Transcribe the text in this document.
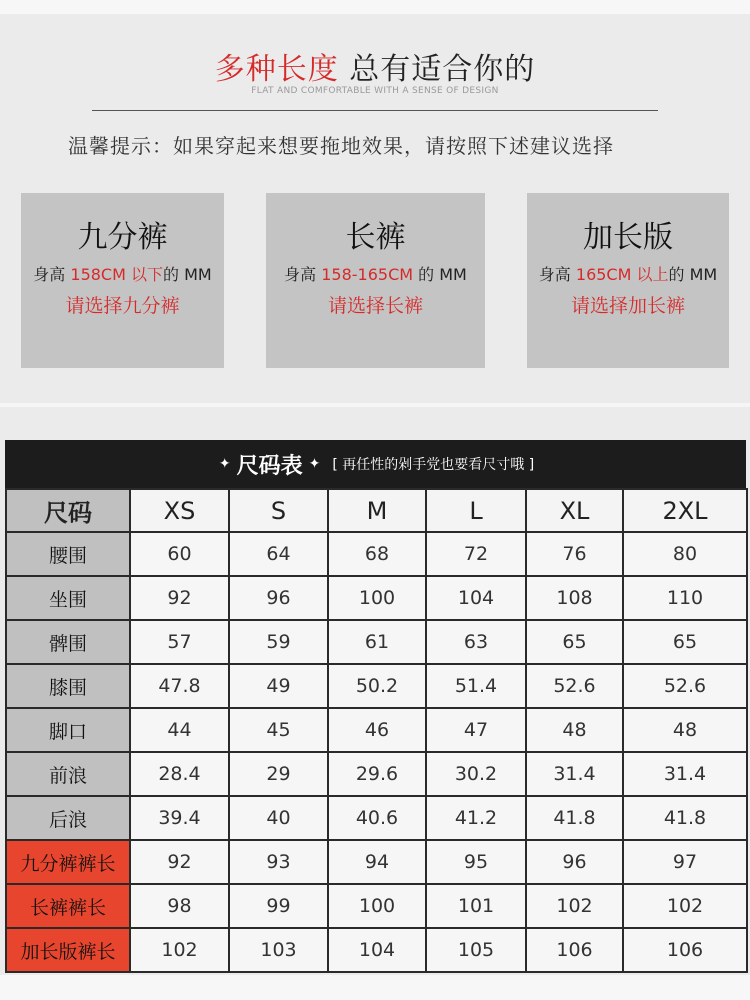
多种长度 总有适合你的
FLAT AND COMFORTABLE WITH A SENSE OF DESIGN
温馨提示：如果穿起来想要拖地效果，请按照下述建议选择
九分裤
身高 158CM 以下的 MM
请选择九分裤
长裤
身高 158-165CM 的 MM
请选择长裤
加长版
身高 165CM 以上的 MM
请选择加长裤
✦ 尺码表 ✦ [ 再任性的剁手党也要看尺寸哦 ]
尺码	XS	S	M	L	XL	2XL
腰围	60	64	68	72	76	80
坐围	92	96	100	104	108	110
髀围	57	59	61	63	65	65
膝围	47.8	49	50.2	51.4	52.6	52.6
脚口	44	45	46	47	48	48
前浪	28.4	29	29.6	30.2	31.4	31.4
后浪	39.4	40	40.6	41.2	41.8	41.8
九分裤裤长	92	93	94	95	96	97
长裤裤长	98	99	100	101	102	102
加长版裤长	102	103	104	105	106	106
